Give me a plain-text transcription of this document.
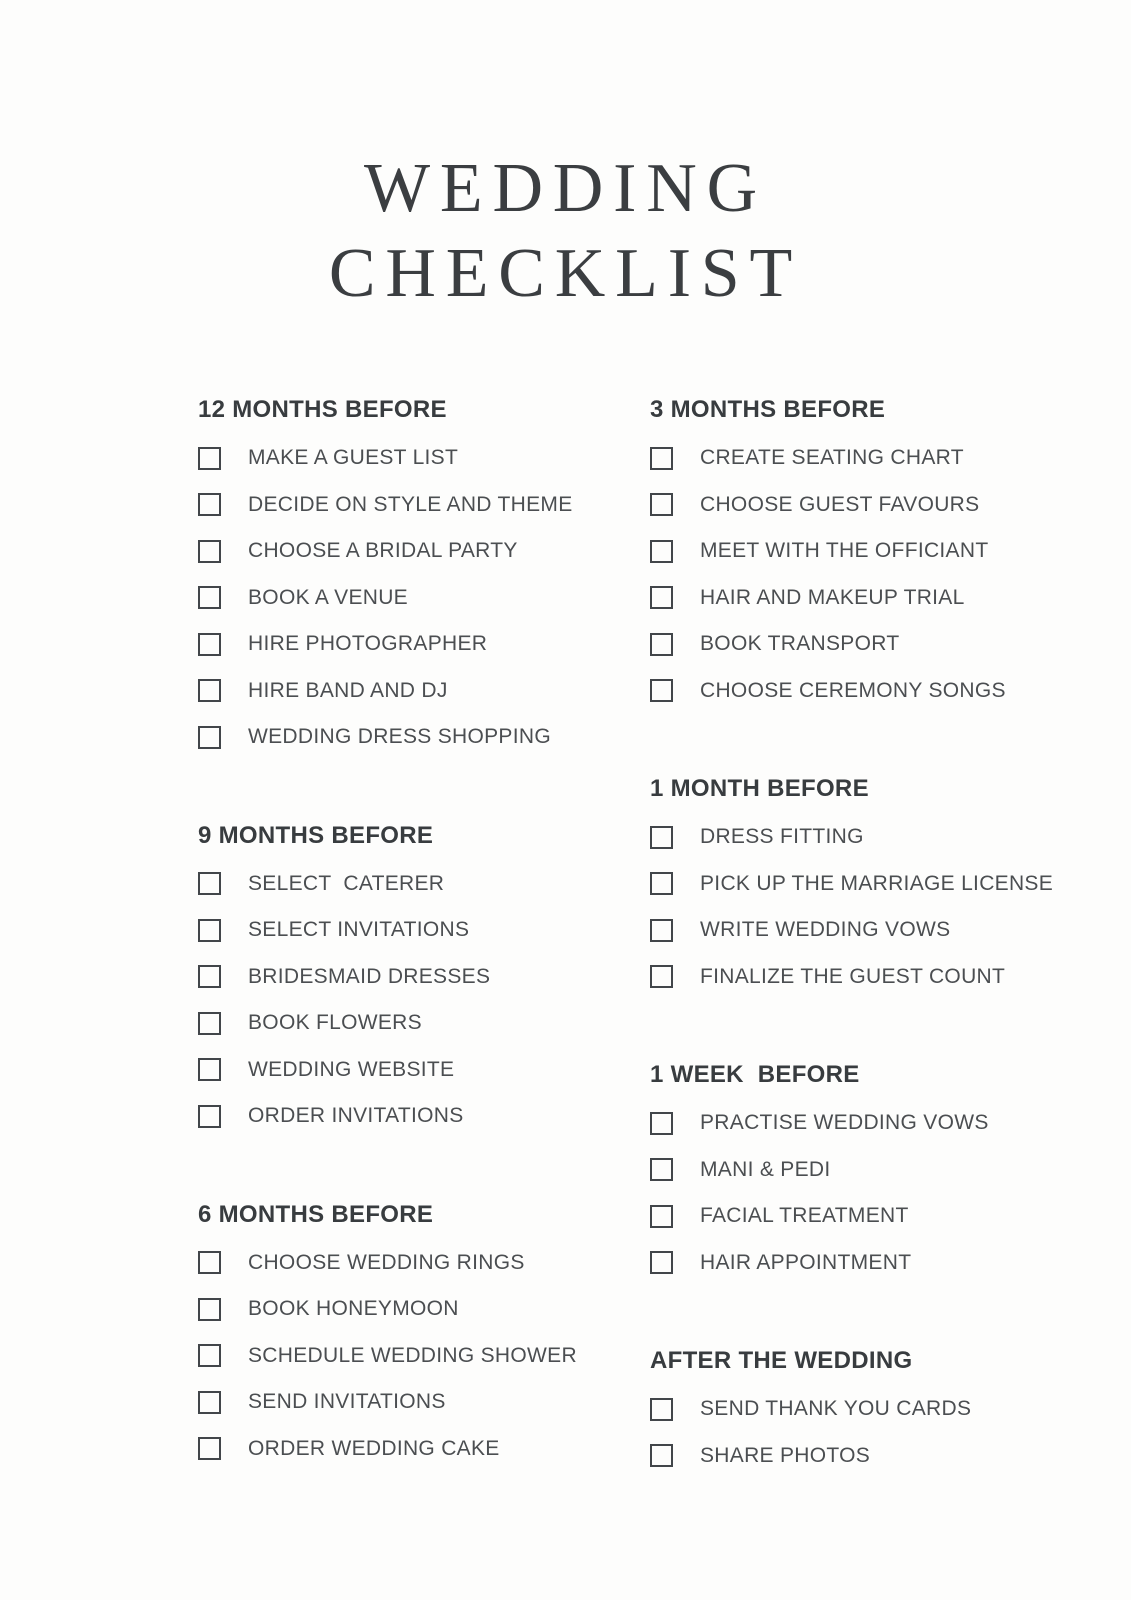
WEDDING
CHECKLIST
12 MONTHS BEFORE
MAKE A GUEST LIST
DECIDE ON STYLE AND THEME
CHOOSE A BRIDAL PARTY
BOOK A VENUE
HIRE PHOTOGRAPHER
HIRE BAND AND DJ
WEDDING DRESS SHOPPING
9 MONTHS BEFORE
SELECT  CATERER
SELECT INVITATIONS
BRIDESMAID DRESSES
BOOK FLOWERS
WEDDING WEBSITE
ORDER INVITATIONS
6 MONTHS BEFORE
CHOOSE WEDDING RINGS
BOOK HONEYMOON
SCHEDULE WEDDING SHOWER
SEND INVITATIONS
ORDER WEDDING CAKE
3 MONTHS BEFORE
CREATE SEATING CHART
CHOOSE GUEST FAVOURS
MEET WITH THE OFFICIANT
HAIR AND MAKEUP TRIAL
BOOK TRANSPORT
CHOOSE CEREMONY SONGS
1 MONTH BEFORE
DRESS FITTING
PICK UP THE MARRIAGE LICENSE
WRITE WEDDING VOWS
FINALIZE THE GUEST COUNT
1 WEEK  BEFORE
PRACTISE WEDDING VOWS
MANI & PEDI
FACIAL TREATMENT
HAIR APPOINTMENT
AFTER THE WEDDING
SEND THANK YOU CARDS
SHARE PHOTOS
